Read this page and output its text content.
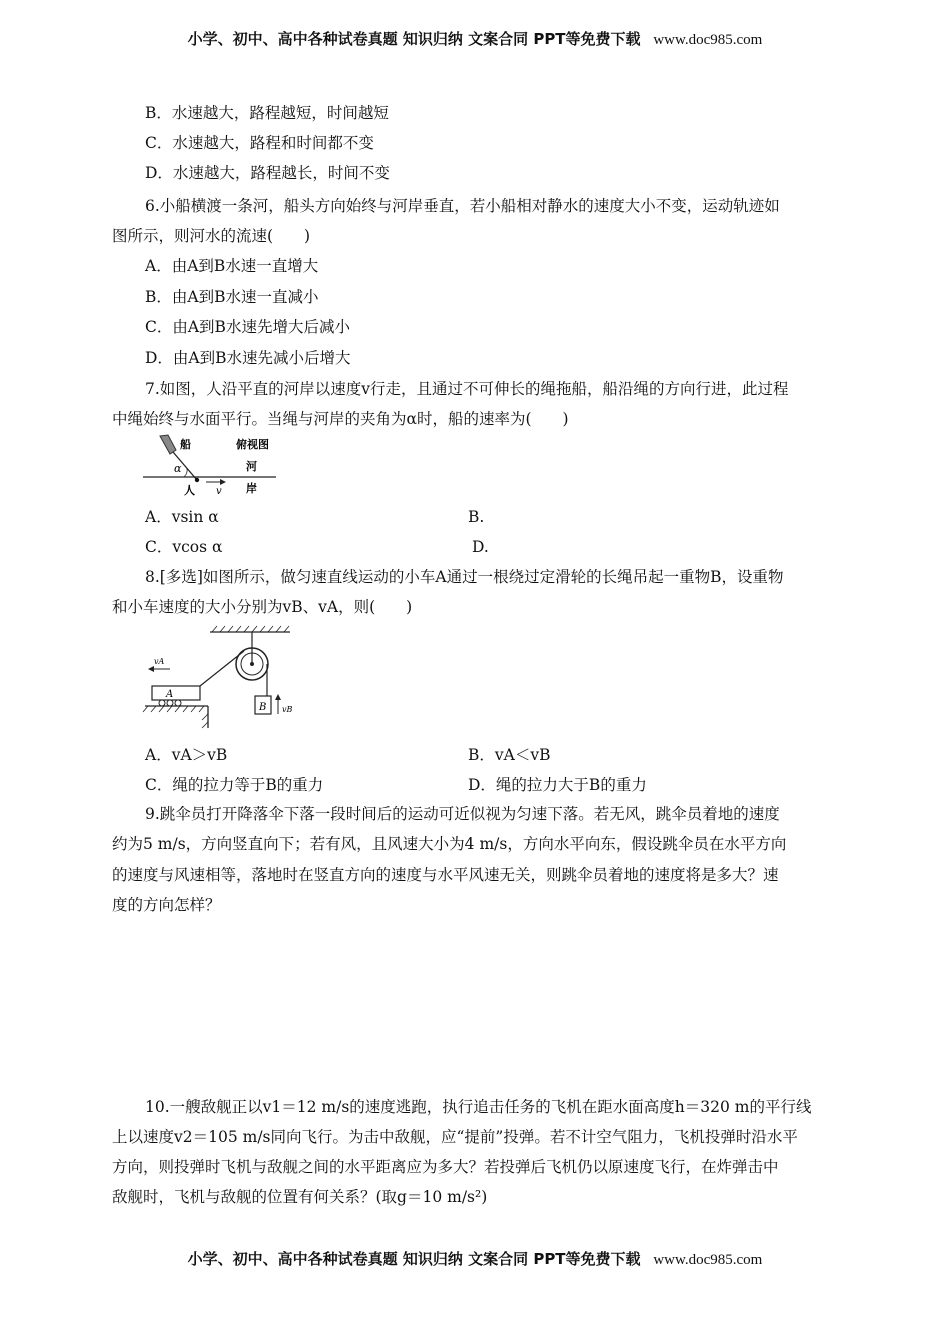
小学、初中、高中各种试卷真题 知识归纳 文案合同 PPT等免费下载 www.doc985.com
B．水速越大，路程越短，时间越短
C．水速越大，路程和时间都不变
D．水速越大，路程越长，时间不变
6.小船横渡一条河，船头方向始终与河岸垂直，若小船相对静水的速度大小不变，运动轨迹如
图所示，则河水的流速(　　)
A．由A到B水速一直增大
B．由A到B水速一直减小
C．由A到B水速先增大后减小
D．由A到B水速先减小后增大
7.如图，人沿平直的河岸以速度v行走，且通过不可伸长的绳拖船，船沿绳的方向行进，此过程
中绳始终与水面平行。当绳与河岸的夹角为α时，船的速率为(　　)
船	俯视图
河
岸
人
α
v
A．vsin α	B.
C．vcos α	D.
8.[多选]如图所示，做匀速直线运动的小车A通过一根绕过定滑轮的长绳吊起一重物B，设重物
和小车速度的大小分别为vB、vA，则(　　)
A
vA
B vB
A．vA＞vB	B．vA＜vB
C．绳的拉力等于B的重力	D．绳的拉力大于B的重力
9.跳伞员打开降落伞下落一段时间后的运动可近似视为匀速下落。若无风，跳伞员着地的速度
约为5 m/s，方向竖直向下；若有风，且风速大小为4 m/s，方向水平向东，假设跳伞员在水平方向
的速度与风速相等，落地时在竖直方向的速度与水平风速无关，则跳伞员着地的速度将是多大？速
度的方向怎样？
10.一艘敌舰正以v1＝12 m/s的速度逃跑，执行追击任务的飞机在距水面高度h＝320 m的平行线
上以速度v2＝105 m/s同向飞行。为击中敌舰，应“提前”投弹。若不计空气阻力，飞机投弹时沿水平
方向，则投弹时飞机与敌舰之间的水平距离应为多大？若投弹后飞机仍以原速度飞行，在炸弹击中
敌舰时，飞机与敌舰的位置有何关系？(取g＝10 m/s²)
小学、初中、高中各种试卷真题 知识归纳 文案合同 PPT等免费下载 www.doc985.com
